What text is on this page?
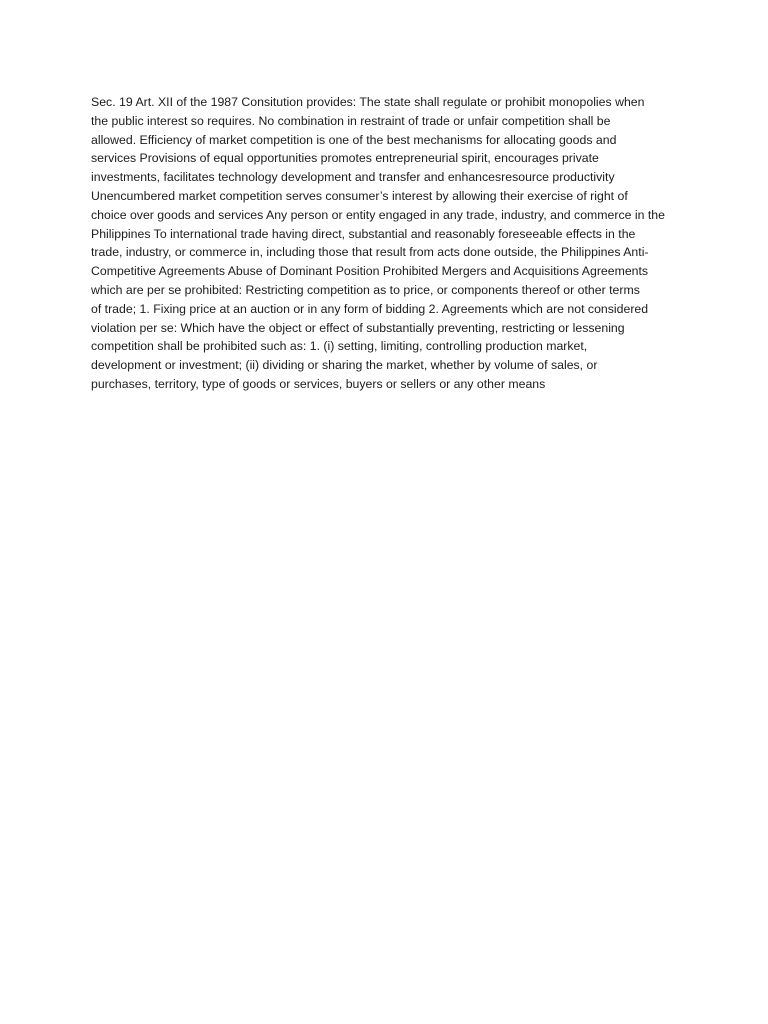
Sec. 19 Art. XII of the 1987 Consitution provides: The state shall regulate or prohibit monopolies when
the public interest so requires. No combination in restraint of trade or unfair competition shall be
allowed. Efficiency of market competition is one of the best mechanisms for allocating goods and
services Provisions of equal opportunities promotes entrepreneurial spirit, encourages private
investments, facilitates technology development and transfer and enhancesresource productivity
Unencumbered market competition serves consumer’s interest by allowing their exercise of right of
choice over goods and services Any person or entity engaged in any trade, industry, and commerce in the
Philippines To international trade having direct, substantial and reasonably foreseeable effects in the
trade, industry, or commerce in, including those that result from acts done outside, the Philippines Anti-
Competitive Agreements Abuse of Dominant Position Prohibited Mergers and Acquisitions Agreements
which are per se prohibited: Restricting competition as to price, or components thereof or other terms
of trade; 1. Fixing price at an auction or in any form of bidding 2. Agreements which are not considered
violation per se: Which have the object or effect of substantially preventing, restricting or lessening
competition shall be prohibited such as: 1. (i) setting, limiting, controlling production market,
development or investment; (ii) dividing or sharing the market, whether by volume of sales, or
purchases, territory, type of goods or services, buyers or sellers or any other means
